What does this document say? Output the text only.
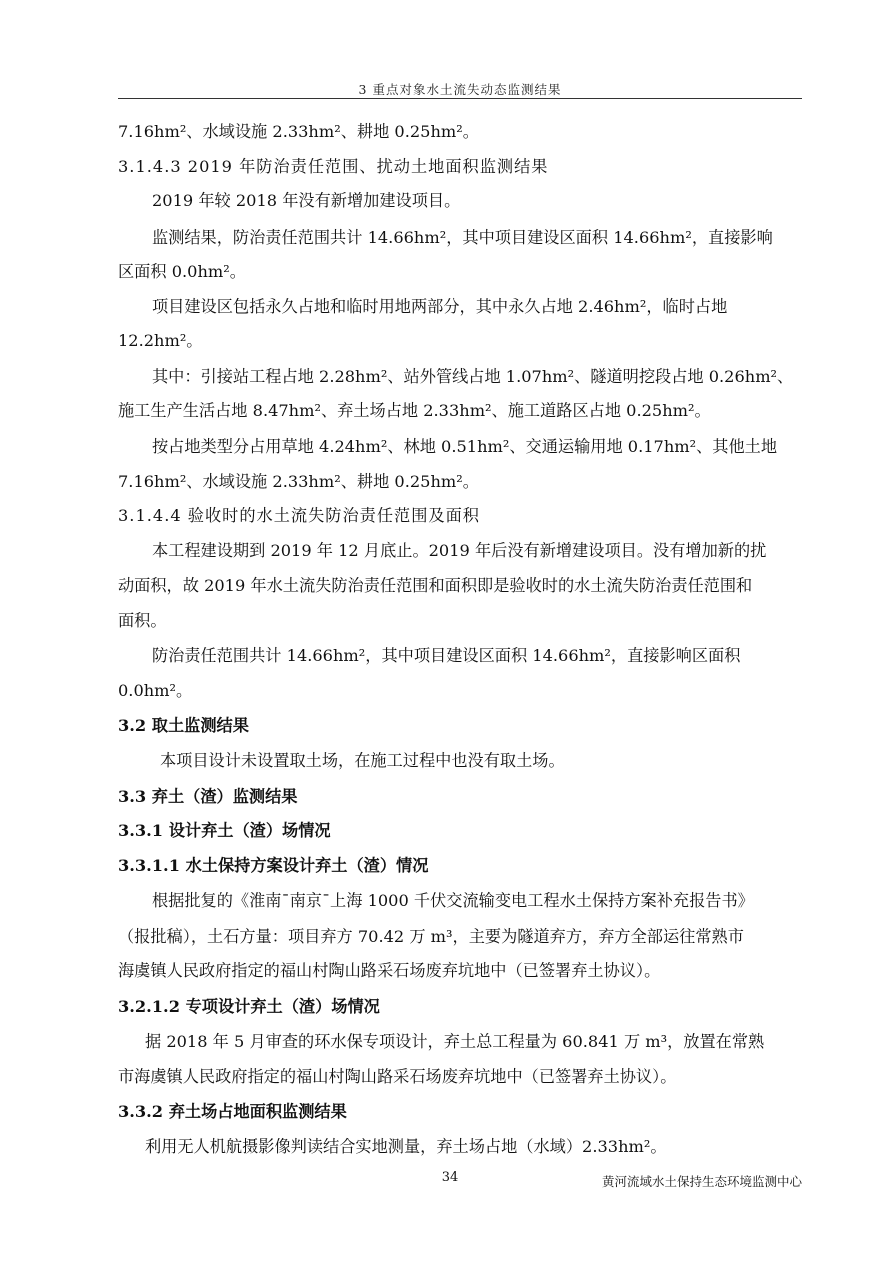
3 重点对象水土流失动态监测结果
7.16hm²、水域设施 2.33hm²、耕地 0.25hm²。
3.1.4.3 2019 年防治责任范围、扰动土地面积监测结果
2019 年较 2018 年没有新增加建设项目。
监测结果，防治责任范围共计 14.66hm²，其中项目建设区面积 14.66hm²，直接影响
区面积 0.0hm²。
项目建设区包括永久占地和临时用地两部分，其中永久占地 2.46hm²，临时占地
12.2hm²。
其中：引接站工程占地 2.28hm²、站外管线占地 1.07hm²、隧道明挖段占地 0.26hm²、
施工生产生活占地 8.47hm²、弃土场占地 2.33hm²、施工道路区占地 0.25hm²。
按占地类型分占用草地 4.24hm²、林地 0.51hm²、交通运输用地 0.17hm²、其他土地
7.16hm²、水域设施 2.33hm²、耕地 0.25hm²。
3.1.4.4 验收时的水土流失防治责任范围及面积
本工程建设期到 2019 年 12 月底止。2019 年后没有新增建设项目。没有增加新的扰
动面积，故 2019 年水土流失防治责任范围和面积即是验收时的水土流失防治责任范围和
面积。
防治责任范围共计 14.66hm²，其中项目建设区面积 14.66hm²，直接影响区面积
0.0hm²。
3.2 取土监测结果
本项目设计未设置取土场，在施工过程中也没有取土场。
3.3 弃土（渣）监测结果
3.3.1 设计弃土（渣）场情况
3.3.1.1 水土保持方案设计弃土（渣）情况
根据批复的《淮南¯南京¯上海 1000 千伏交流输变电工程水土保持方案补充报告书》
（报批稿），土石方量：项目弃方 70.42 万 m³，主要为隧道弃方，弃方全部运往常熟市
海虞镇人民政府指定的福山村陶山路采石场废弃坑地中（已签署弃土协议）。
3.2.1.2 专项设计弃土（渣）场情况
据 2018 年 5 月审查的环水保专项设计，弃土总工程量为 60.841 万 m³，放置在常熟
市海虞镇人民政府指定的福山村陶山路采石场废弃坑地中（已签署弃土协议）。
3.3.2 弃土场占地面积监测结果
利用无人机航摄影像判读结合实地测量，弃土场占地（水域）2.33hm²。
34	黄河流域水土保持生态环境监测中心
